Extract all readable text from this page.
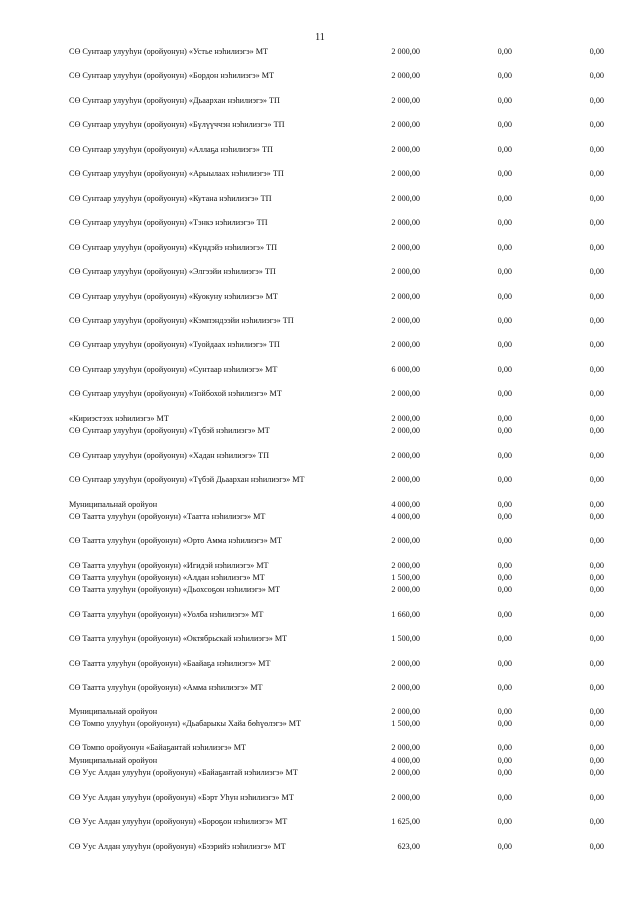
11
СӨ Сунтаар улууһун (оройуонун) «Устье нэһилиэгэ» МТ	2 000,00	0,00	0,00
СӨ Сунтаар улууһун (оройуонун) «Бордон нэһилиэгэ» МТ	2 000,00	0,00	0,00
СӨ Сунтаар улууһун (оройуонун) «Дьаархан нэһилиэгэ» ТП	2 000,00	0,00	0,00
СӨ Сунтаар улууһун (оройуонун) «Бүлүүччэн нэһилиэгэ» ТП	2 000,00	0,00	0,00
СӨ Сунтаар улууһун (оройуонун) «Аллаҕа нэһилиэгэ» ТП	2 000,00	0,00	0,00
СӨ Сунтаар улууһун (оройуонун) «Арыылаах нэһилиэгэ» ТП	2 000,00	0,00	0,00
СӨ Сунтаар улууһун (оройуонун) «Кутана нэһилиэгэ» ТП	2 000,00	0,00	0,00
СӨ Сунтаар улууһун (оройуонун) «Тэнкэ нэһилиэгэ» ТП	2 000,00	0,00	0,00
СӨ Сунтаар улууһун (оройуонун) «Күндэйэ нэһилиэгэ» ТП	2 000,00	0,00	0,00
СӨ Сунтаар улууһун (оройуонун) «Элгээйи нэһилиэгэ» ТП	2 000,00	0,00	0,00
СӨ Сунтаар улууһун (оройуонун) «Куокуну нэһилиэгэ» МТ	2 000,00	0,00	0,00
СӨ Сунтаар улууһун (оройуонун) «Кэмпэндээйи нэһилиэгэ» ТП	2 000,00	0,00	0,00
СӨ Сунтаар улууһун (оройуонун) «Туойдаах нэһилиэгэ» ТП	2 000,00	0,00	0,00
СӨ Сунтаар улууһун (оройуонун) «Сунтаар нэһилиэгэ» МТ	6 000,00	0,00	0,00
СӨ Сунтаар улууһун (оройуонун) «Тойбохой нэһилиэгэ» МТ	2 000,00	0,00	0,00
«Кириэстээх нэһилиэгэ» МТ	2 000,00	0,00	0,00
СӨ Сунтаар улууһун (оройуонун) «Түбэй нэһилиэгэ» МТ	2 000,00	0,00	0,00
СӨ Сунтаар улууһун (оройуонун) «Хадан нэһилиэгэ» ТП	2 000,00	0,00	0,00
СӨ Сунтаар улууһун (оройуонун) «Түбэй Дьаархан нэһилиэгэ» МТ	2 000,00	0,00	0,00
Муниципальнай оройуон	4 000,00	0,00	0,00
СӨ Таатта улууһун (оройуонун) «Таатта нэһилиэгэ» МТ	4 000,00	0,00	0,00
СӨ Таатта улууһун (оройуонун) «Орто Амма нэһилиэгэ» МТ	2 000,00	0,00	0,00
СӨ Таатта улууһун (оройуонун) «Игидэй нэһилиэгэ» МТ	2 000,00	0,00	0,00
СӨ Таатта улууһун (оройуонун) «Алдан нэһилиэгэ» МТ	1 500,00	0,00	0,00
СӨ Таатта улууһун (оройуонун) «Дьохсоҕон нэһилиэгэ» МТ	2 000,00	0,00	0,00
СӨ Таатта улууһун (оройуонун) «Уолба нэһилиэгэ» МТ	1 660,00	0,00	0,00
СӨ Таатта улууһун (оройуонун) «Октябрьскай нэһилиэгэ» МТ	1 500,00	0,00	0,00
СӨ Таатта улууһун (оройуонун) «Баайаҕа нэһилиэгэ» МТ	2 000,00	0,00	0,00
СӨ Таатта улууһун (оройуонун) «Амма нэһилиэгэ» МТ	2 000,00	0,00	0,00
Муниципальнай оройуон	2 000,00	0,00	0,00
СӨ Томпо улууһун (оройуонун) «Дьабарыкы Хайа бөһүөлэгэ» МТ	1 500,00	0,00	0,00
СӨ Томпо оройуонун «Байаҕантай нэһилиэгэ» МТ	2 000,00	0,00	0,00
Муниципальнай оройуон	4 000,00	0,00	0,00
СӨ Уус Алдан улууһун (оройуонун) «Байаҕантай нэһилиэгэ» МТ	2 000,00	0,00	0,00
СӨ Уус Алдан улууһун (оройуонун) «Бэрт Уһун нэһилиэгэ» МТ	2 000,00	0,00	0,00
СӨ Уус Алдан улууһун (оройуонун) «Бороҕон нэһилиэгэ» МТ	1 625,00	0,00	0,00
СӨ Уус Алдан улууһун (оройуонун) «Бээрийэ нэһилиэгэ» МТ	623,00	0,00	0,00
